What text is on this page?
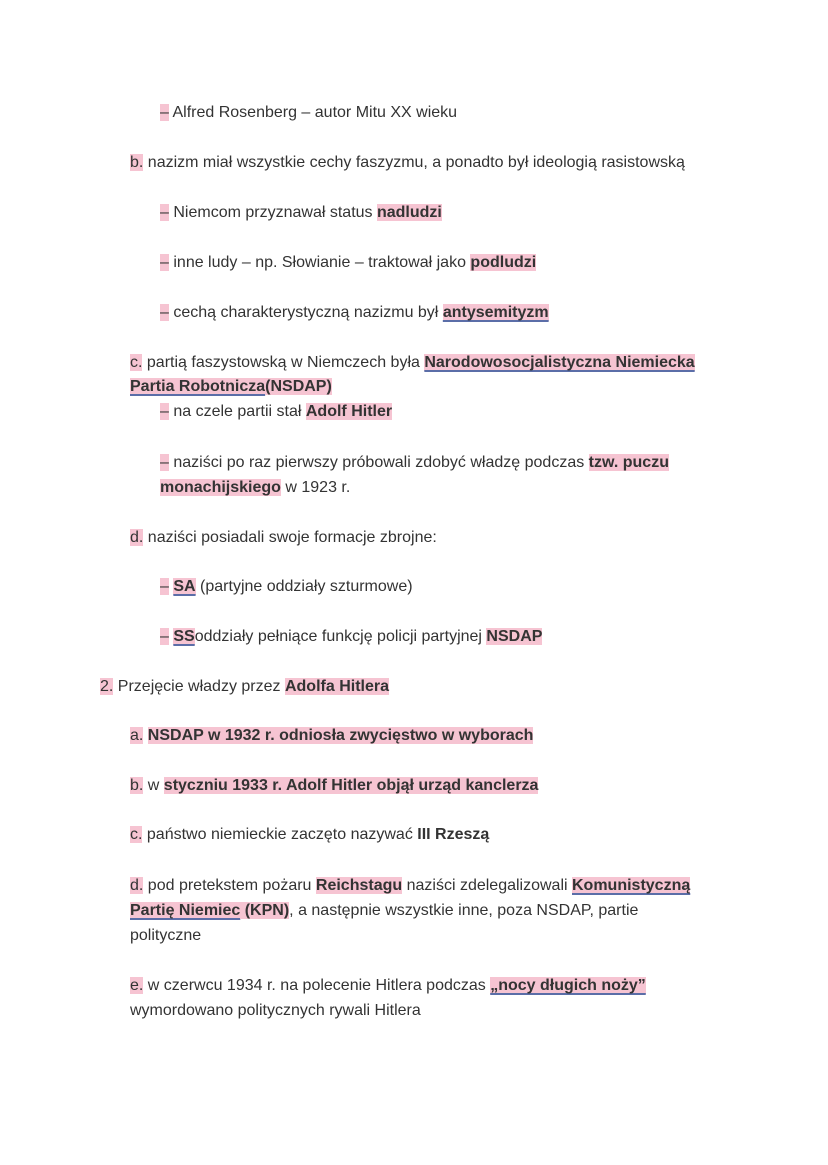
– Alfred Rosenberg – autor Mitu XX wieku
b. nazizm miał wszystkie cechy faszyzmu, a ponadto był ideologią rasistowską
– Niemcom przyznawał status nadludzi
– inne ludy – np. Słowianie – traktował jako podludzi
– cechą charakterystyczną nazizmu był antysemityzm
c. partią faszystowską w Niemczech była Narodowosocjalistyczna Niemiecka
Partia Robotnicza(NSDAP)
– na czele partii stał Adolf Hitler
– naziści po raz pierwszy próbowali zdobyć władzę podczas tzw. puczu
monachijskiego w 1923 r.
d. naziści posiadali swoje formacje zbrojne:
– SA (partyjne oddziały szturmowe)
– SSoddziały pełniące funkcję policji partyjnej NSDAP
2. Przejęcie władzy przez Adolfa Hitlera
a. NSDAP w 1932 r. odniosła zwycięstwo w wyborach
b. w styczniu 1933 r. Adolf Hitler objął urząd kanclerza
c. państwo niemieckie zaczęto nazywać III Rzeszą
d. pod pretekstem pożaru Reichstagu naziści zdelegalizowali Komunistyczną
Partię Niemiec (KPN), a następnie wszystkie inne, poza NSDAP, partie
polityczne
e. w czerwcu 1934 r. na polecenie Hitlera podczas „nocy długich noży”
wymordowano politycznych rywali Hitlera
